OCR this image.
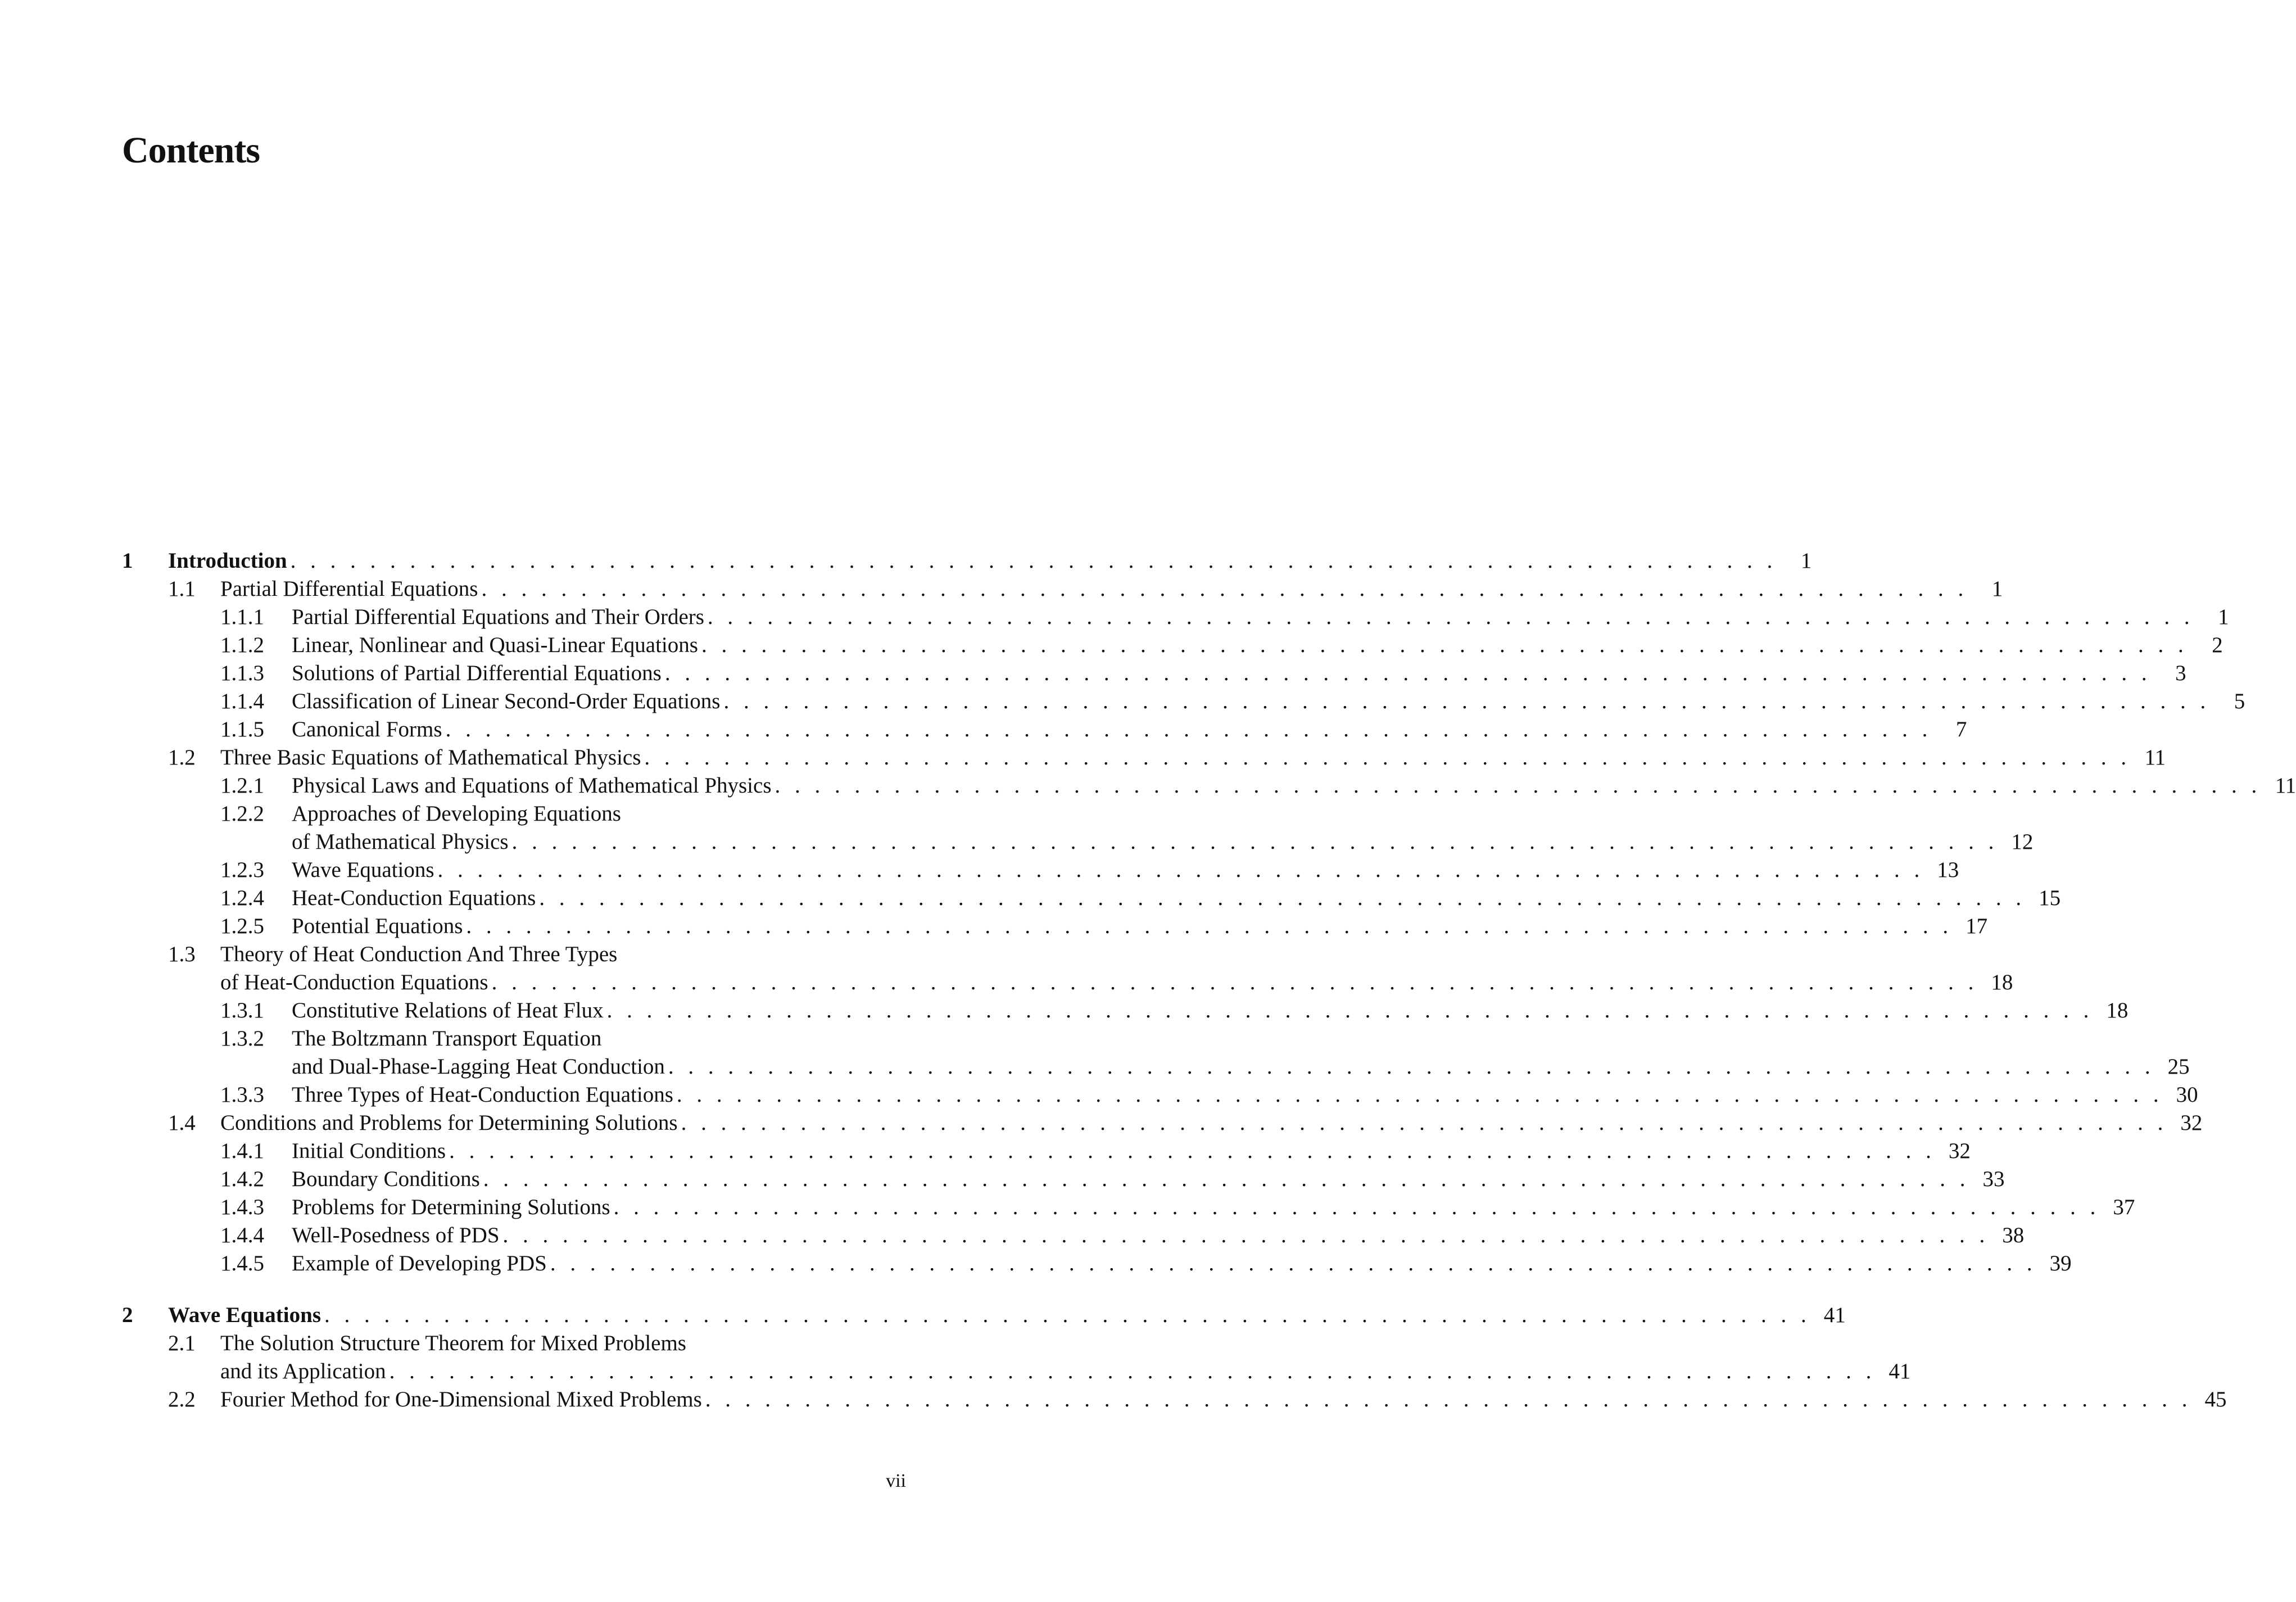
Contents
1 Introduction . . . . . . . . . . . . . . . . . . . . . . . . . . . . . . . . . . . . . . . . . . . . . . . . . . . . . . . . . . . . . . . . . . . . . . . . . . .	1
1.1 Partial Differential Equations . . . . . . . . . . . . . . . . . . . . . . . . . . . . . . . . . . . . . . . . . . . . . . . . . . . . . . . . . . . . . . . . . . . . . . . . . . .	1
1.1.1 Partial Differential Equations and Their Orders . . . . . . . . . . . . . . . . . . . . . . . . . . . . . . . . . . . . . . . . . . . . . . . . . . . . . . . . . . . . . . . . . . . . . . . . . . .	1
1.1.2 Linear, Nonlinear and Quasi-Linear Equations . . . . . . . . . . . . . . . . . . . . . . . . . . . . . . . . . . . . . . . . . . . . . . . . . . . . . . . . . . . . . . . . . . . . . . . . . . .	2
1.1.3 Solutions of Partial Differential Equations . . . . . . . . . . . . . . . . . . . . . . . . . . . . . . . . . . . . . . . . . . . . . . . . . . . . . . . . . . . . . . . . . . . . . . . . . . .	3
1.1.4 Classification of Linear Second-Order Equations . . . . . . . . . . . . . . . . . . . . . . . . . . . . . . . . . . . . . . . . . . . . . . . . . . . . . . . . . . . . . . . . . . . . . . . . . . .	5
1.1.5 Canonical Forms . . . . . . . . . . . . . . . . . . . . . . . . . . . . . . . . . . . . . . . . . . . . . . . . . . . . . . . . . . . . . . . . . . . . . . . . . . .	7
1.2 Three Basic Equations of Mathematical Physics . . . . . . . . . . . . . . . . . . . . . . . . . . . . . . . . . . . . . . . . . . . . . . . . . . . . . . . . . . . . . . . . . . . . . . . . . . . 11
1.2.1 Physical Laws and Equations of Mathematical Physics . . . . . . . . . . . . . . . . . . . . . . . . . . . . . . . . . . . . . . . . . . . . . . . . . . . . . . . . . . . . . . . . . . . . . . . . . . . 11
1.2.2 Approaches of Developing Equations
of Mathematical Physics . . . . . . . . . . . . . . . . . . . . . . . . . . . . . . . . . . . . . . . . . . . . . . . . . . . . . . . . . . . . . . . . . . . . . . . . . . . 12
1.2.3 Wave Equations . . . . . . . . . . . . . . . . . . . . . . . . . . . . . . . . . . . . . . . . . . . . . . . . . . . . . . . . . . . . . . . . . . . . . . . . . . . 13
1.2.4 Heat-Conduction Equations . . . . . . . . . . . . . . . . . . . . . . . . . . . . . . . . . . . . . . . . . . . . . . . . . . . . . . . . . . . . . . . . . . . . . . . . . . . 15
1.2.5 Potential Equations . . . . . . . . . . . . . . . . . . . . . . . . . . . . . . . . . . . . . . . . . . . . . . . . . . . . . . . . . . . . . . . . . . . . . . . . . . . 17
1.3 Theory of Heat Conduction And Three Types
of Heat-Conduction Equations . . . . . . . . . . . . . . . . . . . . . . . . . . . . . . . . . . . . . . . . . . . . . . . . . . . . . . . . . . . . . . . . . . . . . . . . . . . 18
1.3.1 Constitutive Relations of Heat Flux . . . . . . . . . . . . . . . . . . . . . . . . . . . . . . . . . . . . . . . . . . . . . . . . . . . . . . . . . . . . . . . . . . . . . . . . . . . 18
1.3.2 The Boltzmann Transport Equation
and Dual-Phase-Lagging Heat Conduction . . . . . . . . . . . . . . . . . . . . . . . . . . . . . . . . . . . . . . . . . . . . . . . . . . . . . . . . . . . . . . . . . . . . . . . . . . . 25
1.3.3 Three Types of Heat-Conduction Equations . . . . . . . . . . . . . . . . . . . . . . . . . . . . . . . . . . . . . . . . . . . . . . . . . . . . . . . . . . . . . . . . . . . . . . . . . . . 30
1.4 Conditions and Problems for Determining Solutions . . . . . . . . . . . . . . . . . . . . . . . . . . . . . . . . . . . . . . . . . . . . . . . . . . . . . . . . . . . . . . . . . . . . . . . . . . . 32
1.4.1 Initial Conditions . . . . . . . . . . . . . . . . . . . . . . . . . . . . . . . . . . . . . . . . . . . . . . . . . . . . . . . . . . . . . . . . . . . . . . . . . . . 32
1.4.2 Boundary Conditions . . . . . . . . . . . . . . . . . . . . . . . . . . . . . . . . . . . . . . . . . . . . . . . . . . . . . . . . . . . . . . . . . . . . . . . . . . . 33
1.4.3 Problems for Determining Solutions . . . . . . . . . . . . . . . . . . . . . . . . . . . . . . . . . . . . . . . . . . . . . . . . . . . . . . . . . . . . . . . . . . . . . . . . . . . 37
1.4.4 Well-Posedness of PDS . . . . . . . . . . . . . . . . . . . . . . . . . . . . . . . . . . . . . . . . . . . . . . . . . . . . . . . . . . . . . . . . . . . . . . . . . . . 38
1.4.5 Example of Developing PDS . . . . . . . . . . . . . . . . . . . . . . . . . . . . . . . . . . . . . . . . . . . . . . . . . . . . . . . . . . . . . . . . . . . . . . . . . . . 39
2 Wave Equations . . . . . . . . . . . . . . . . . . . . . . . . . . . . . . . . . . . . . . . . . . . . . . . . . . . . . . . . . . . . . . . . . . . . . . . . . . . 41
2.1 The Solution Structure Theorem for Mixed Problems
and its Application . . . . . . . . . . . . . . . . . . . . . . . . . . . . . . . . . . . . . . . . . . . . . . . . . . . . . . . . . . . . . . . . . . . . . . . . . . . 41
2.2 Fourier Method for One-Dimensional Mixed Problems . . . . . . . . . . . . . . . . . . . . . . . . . . . . . . . . . . . . . . . . . . . . . . . . . . . . . . . . . . . . . . . . . . . . . . . . . . . 45
vii
